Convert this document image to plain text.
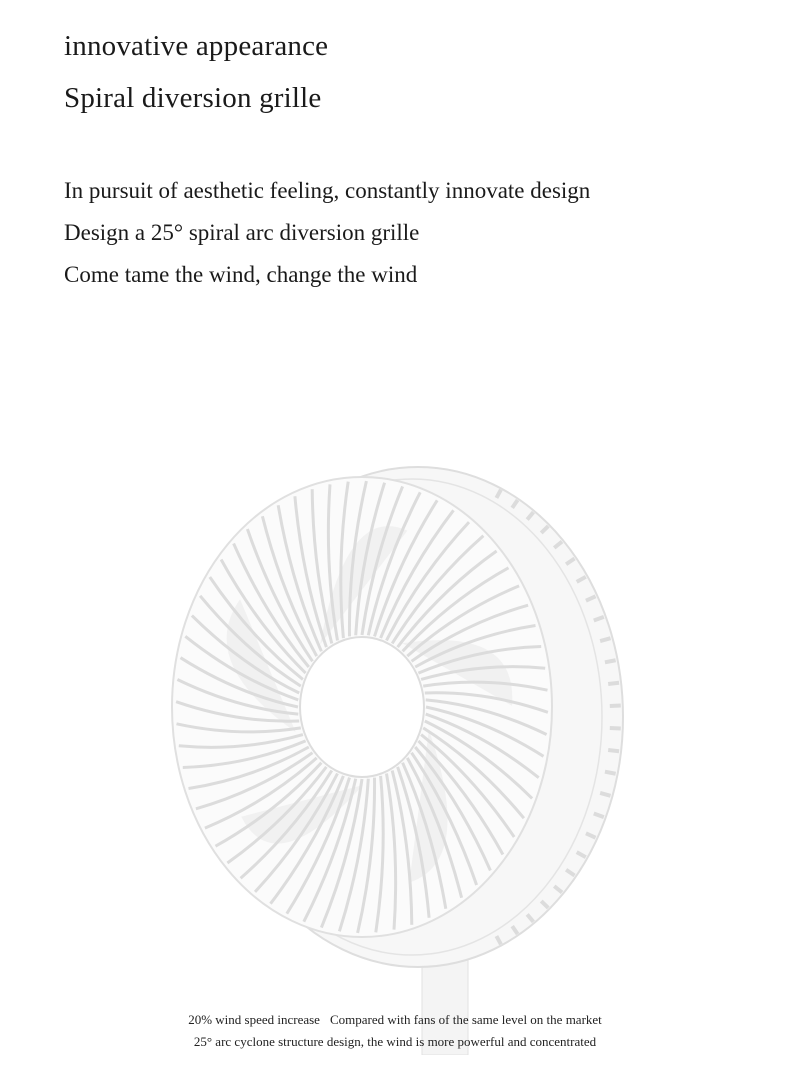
innovative appearance
Spiral diversion grille
In pursuit of aesthetic feeling, constantly innovate design
Design a 25° spiral arc diversion grille
Come tame the wind, change the wind
20% wind speed increase Compared with fans of the same level on the market
25° arc cyclone structure design, the wind is more powerful and concentrated
